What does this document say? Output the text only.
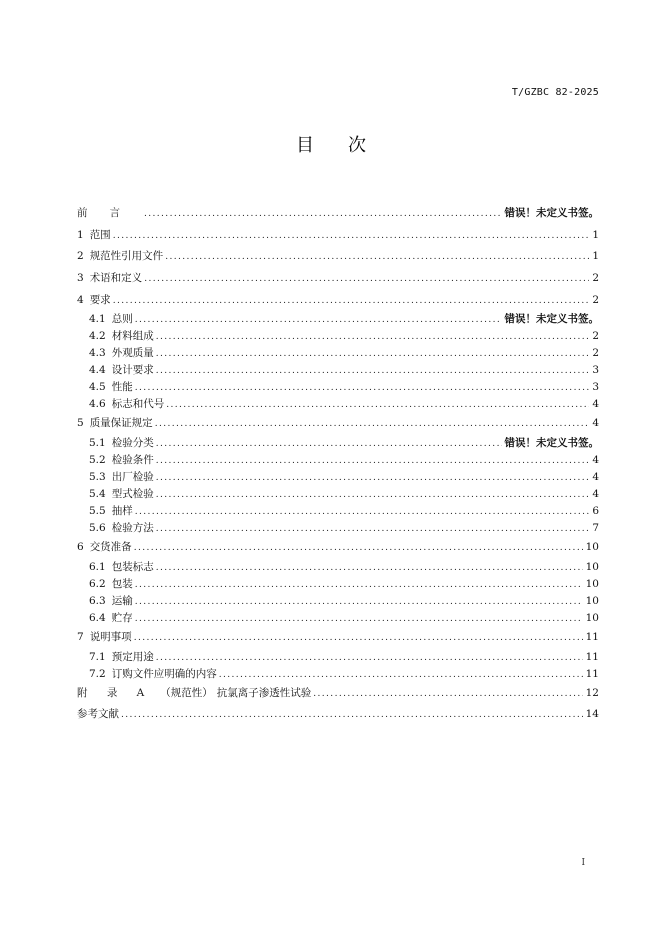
T/GZBC 82-2025
目次
前言 .....	错误！未定义书签。
1 范围 .....	1
2 规范性引用文件 .....	1
3 术语和定义 .....	2
4 要求 .....	2
4.1 总则 .....	错误！未定义书签。
4.2 材料组成 .....	2
4.3 外观质量 .....	2
4.4 设计要求 .....	3
4.5 性能 .....	3
4.6 标志和代号 .....	4
5 质量保证规定 .....	4
5.1 检验分类 .....	错误！未定义书签。
5.2 检验条件 .....	4
5.3 出厂检验 .....	4
5.4 型式检验 .....	4
5.5 抽样 .....	6
5.6 检验方法 .....	7
6 交货准备 .....	10
6.1 包装标志 .....	10
6.2 包装 .....	10
6.3 运输 .....	10
6.4 贮存 .....	10
7 说明事项 .....	11
7.1 预定用途 .....	11
7.2 订购文件应明确的内容 .....	11
附 录 A （规范性） 抗氯离子渗透性试验 .....	12
参考文献 .....	14
I
